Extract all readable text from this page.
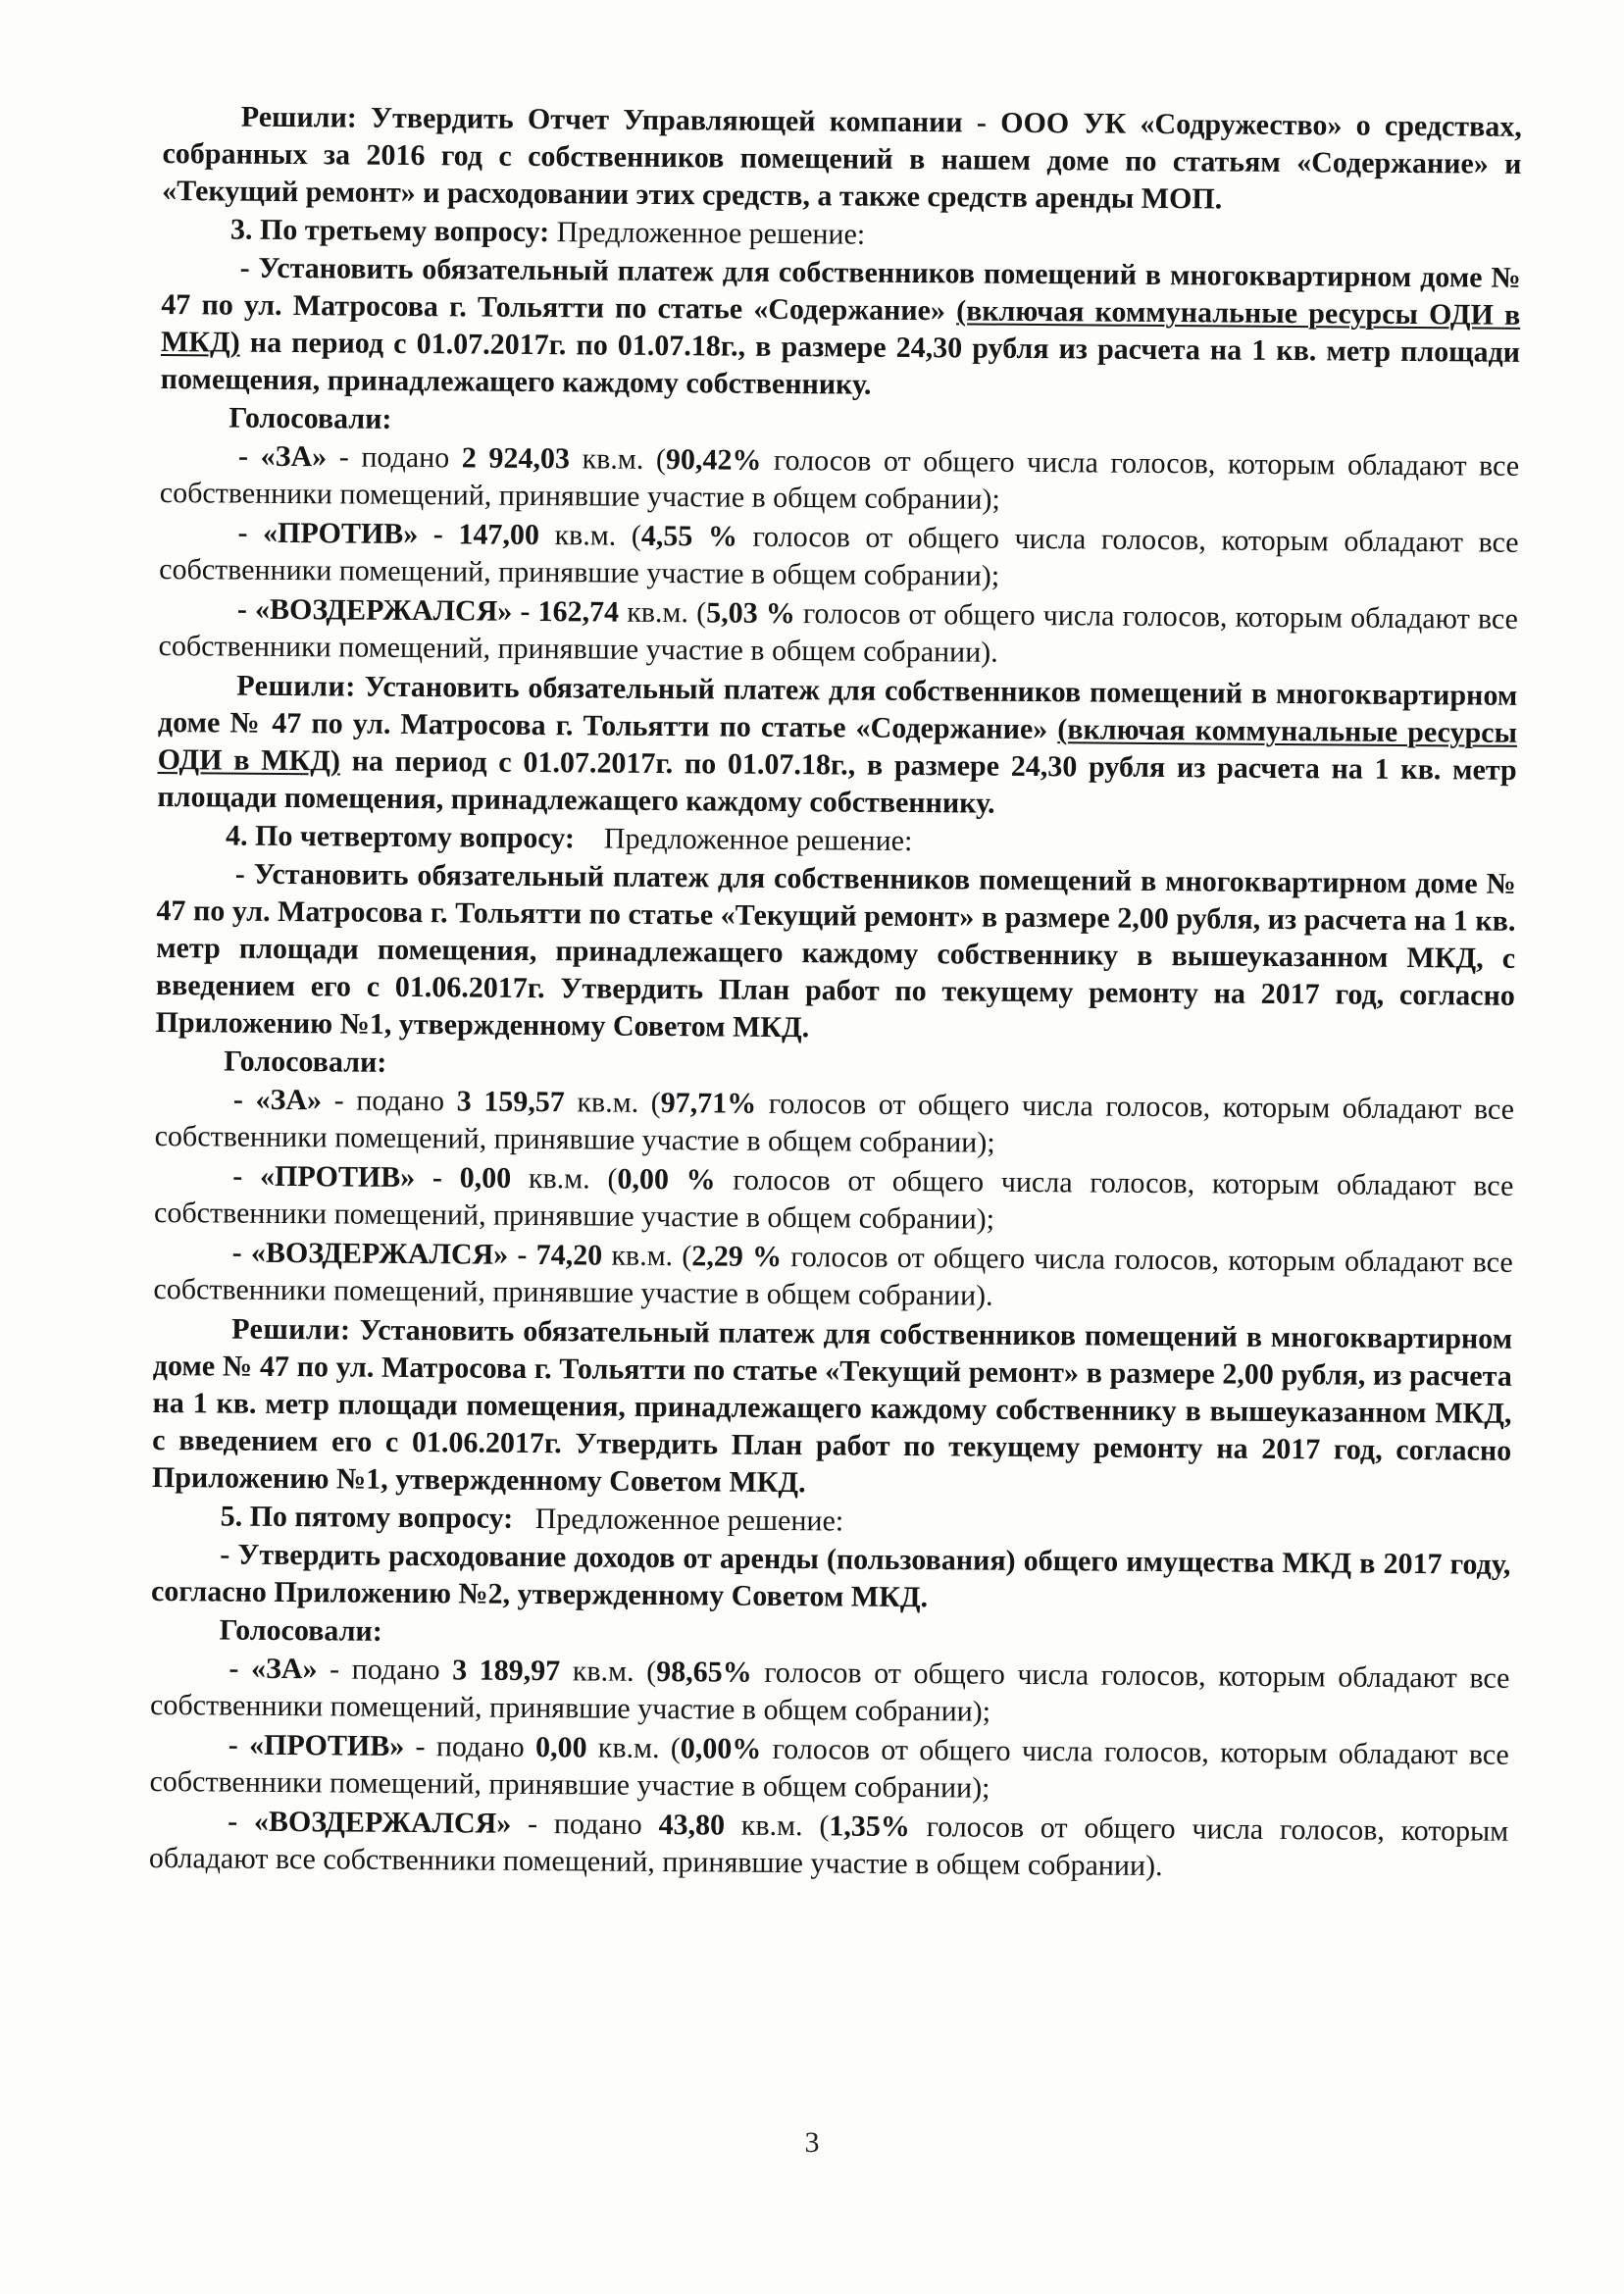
Решили: Утвердить Отчет Управляющей компании - ООО УК «Содружество» о средствах, собранных за 2016 год с собственников помещений в нашем доме по статьям «Содержание» и «Текущий ремонт» и расходовании этих средств, а также средств аренды МОП.

3. По третьему вопросу: Предложенное решение:

- Установить обязательный платеж для собственников помещений в многоквартирном доме № 47 по ул. Матросова г. Тольятти по статье «Содержание» (включая коммунальные ресурсы ОДИ в МКД) на период с 01.07.2017г. по 01.07.18г., в размере 24,30 рубля из расчета на 1 кв. метр площади помещения, принадлежащего каждому собственнику.

Голосовали:

- «ЗА» - подано 2 924,03 кв.м. (90,42% голосов от общего числа голосов, которым обладают все собственники помещений, принявшие участие в общем собрании);

- «ПРОТИВ» - 147,00 кв.м. (4,55 % голосов от общего числа голосов, которым обладают все собственники помещений, принявшие участие в общем собрании);

- «ВОЗДЕРЖАЛСЯ» - 162,74 кв.м. (5,03 % голосов от общего числа голосов, которым обладают все собственники помещений, принявшие участие в общем собрании).

Решили: Установить обязательный платеж для собственников помещений в многоквартирном доме № 47 по ул. Матросова г. Тольятти по статье «Содержание» (включая коммунальные ресурсы ОДИ в МКД) на период с 01.07.2017г. по 01.07.18г., в размере 24,30 рубля из расчета на 1 кв. метр площади помещения, принадлежащего каждому собственнику.

4. По четвертому вопросу: Предложенное решение:

- Установить обязательный платеж для собственников помещений в многоквартирном доме № 47 по ул. Матросова г. Тольятти по статье «Текущий ремонт» в размере 2,00 рубля, из расчета на 1 кв. метр площади помещения, принадлежащего каждому собственнику в вышеуказанном МКД, с введением его с 01.06.2017г. Утвердить План работ по текущему ремонту на 2017 год, согласно Приложению №1, утвержденному Советом МКД.

Голосовали:

- «ЗА» - подано 3 159,57 кв.м. (97,71% голосов от общего числа голосов, которым обладают все собственники помещений, принявшие участие в общем собрании);

- «ПРОТИВ» - 0,00 кв.м. (0,00 % голосов от общего числа голосов, которым обладают все собственники помещений, принявшие участие в общем собрании);

- «ВОЗДЕРЖАЛСЯ» - 74,20 кв.м. (2,29 % голосов от общего числа голосов, которым обладают все собственники помещений, принявшие участие в общем собрании).

Решили: Установить обязательный платеж для собственников помещений в многоквартирном доме № 47 по ул. Матросова г. Тольятти по статье «Текущий ремонт» в размере 2,00 рубля, из расчета на 1 кв. метр площади помещения, принадлежащего каждому собственнику в вышеуказанном МКД, с введением его с 01.06.2017г. Утвердить План работ по текущему ремонту на 2017 год, согласно Приложению №1, утвержденному Советом МКД.

5. По пятому вопросу: Предложенное решение:

- Утвердить расходование доходов от аренды (пользования) общего имущества МКД в 2017 году, согласно Приложению №2, утвержденному Советом МКД.

Голосовали:

- «ЗА» - подано 3 189,97 кв.м. (98,65% голосов от общего числа голосов, которым обладают все собственники помещений, принявшие участие в общем собрании);

- «ПРОТИВ» - подано 0,00 кв.м. (0,00% голосов от общего числа голосов, которым обладают все собственники помещений, принявшие участие в общем собрании);

- «ВОЗДЕРЖАЛСЯ» - подано 43,80 кв.м. (1,35% голосов от общего числа голосов, которым обладают все собственники помещений, принявшие участие в общем собрании).

3
